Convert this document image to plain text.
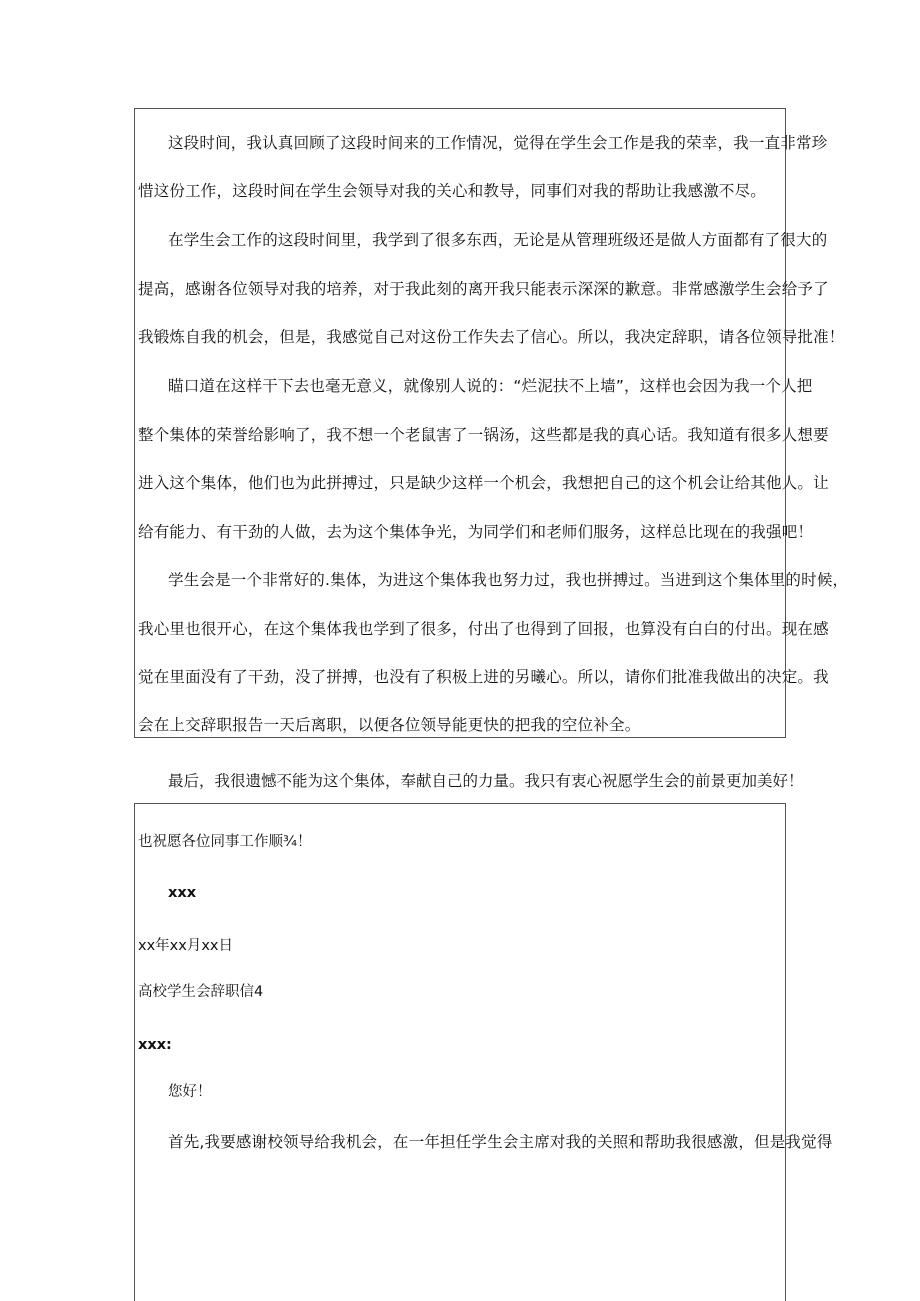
这段时间，我认真回顾了这段时间来的工作情况，觉得在学生会工作是我的荣幸，我一直非常珍
惜这份工作，这段时间在学生会领导对我的关心和教导，同事们对我的帮助让我感激不尽。
在学生会工作的这段时间里，我学到了很多东西，无论是从管理班级还是做人方面都有了很大的
提高，感谢各位领导对我的培养，对于我此刻的离开我只能表示深深的歉意。非常感激学生会给予了
我锻炼自我的机会，但是，我感觉自己对这份工作失去了信心。所以，我决定辞职，请各位领导批准！
瞄口道在这样干下去也毫无意义，就像别人说的：“烂泥扶不上墙”，这样也会因为我一个人把
整个集体的荣誉给影响了，我不想一个老鼠害了一锅汤，这些都是我的真心话。我知道有很多人想要
进入这个集体，他们也为此拼搏过，只是缺少这样一个机会，我想把自己的这个机会让给其他人。让
给有能力、有干劲的人做，去为这个集体争光，为同学们和老师们服务，这样总比现在的我强吧！
学生会是一个非常好的.集体，为进这个集体我也努力过，我也拼搏过。当进到这个集体里的时候，
我心里也很开心，在这个集体我也学到了很多，付出了也得到了回报，也算没有白白的付出。现在感
觉在里面没有了干劲，没了拼搏，也没有了积极上进的另曦心。所以，请你们批准我做出的决定。我
会在上交辞职报告一天后离职，以便各位领导能更快的把我的空位补全。
最后，我很遗憾不能为这个集体，奉献自己的力量。我只有衷心祝愿学生会的前景更加美好！
也祝愿各位同事工作顺¾！
xxx
xx年xx月xx日
高校学生会辞职信4
xxx:
您好！
首先,我要感谢校领导给我机会，在一年担任学生会主席对我的关照和帮助我很感激，但是我觉得
